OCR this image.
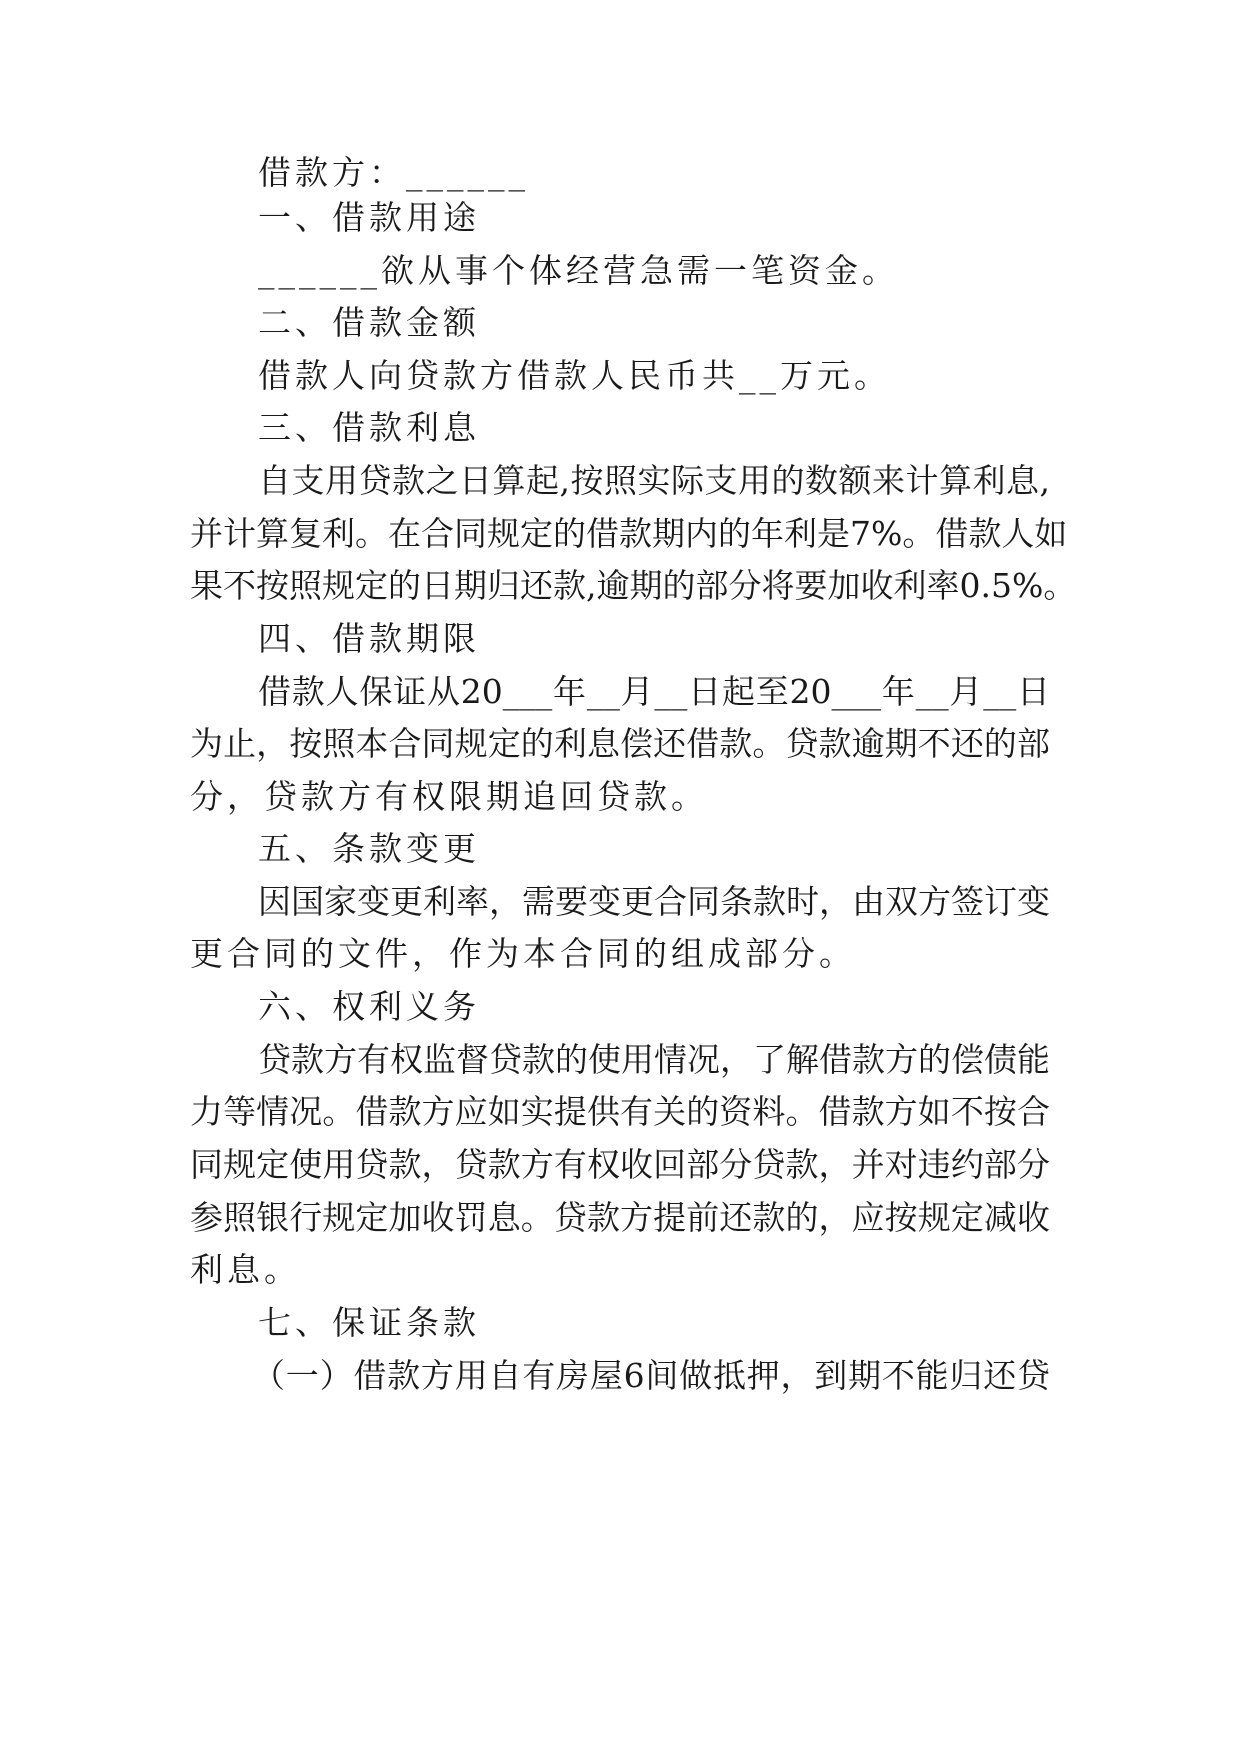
借款方：______

一、借款用途

______欲从事个体经营急需一笔资金。

二、借款金额

借款人向贷款方借款人民币共__万元。

三、借款利息

自支用贷款之日算起,按照实际支用的数额来计算利息,

并计算复利。在合同规定的借款期内的年利是7%。借款人如

果不按照规定的日期归还款,逾期的部分将要加收利率0.5%。

四、借款期限

借款人保证从20___年__月__日起至20___年__月__日

为止，按照本合同规定的利息偿还借款。贷款逾期不还的部

分，贷款方有权限期追回贷款。

五、条款变更

因国家变更利率，需要变更合同条款时，由双方签订变

更合同的文件，作为本合同的组成部分。

六、权利义务

贷款方有权监督贷款的使用情况，了解借款方的偿债能

力等情况。借款方应如实提供有关的资料。借款方如不按合

同规定使用贷款，贷款方有权收回部分贷款，并对违约部分

参照银行规定加收罚息。贷款方提前还款的，应按规定减收

利息。

七、保证条款

（一）借款方用自有房屋6间做抵押，到期不能归还贷
